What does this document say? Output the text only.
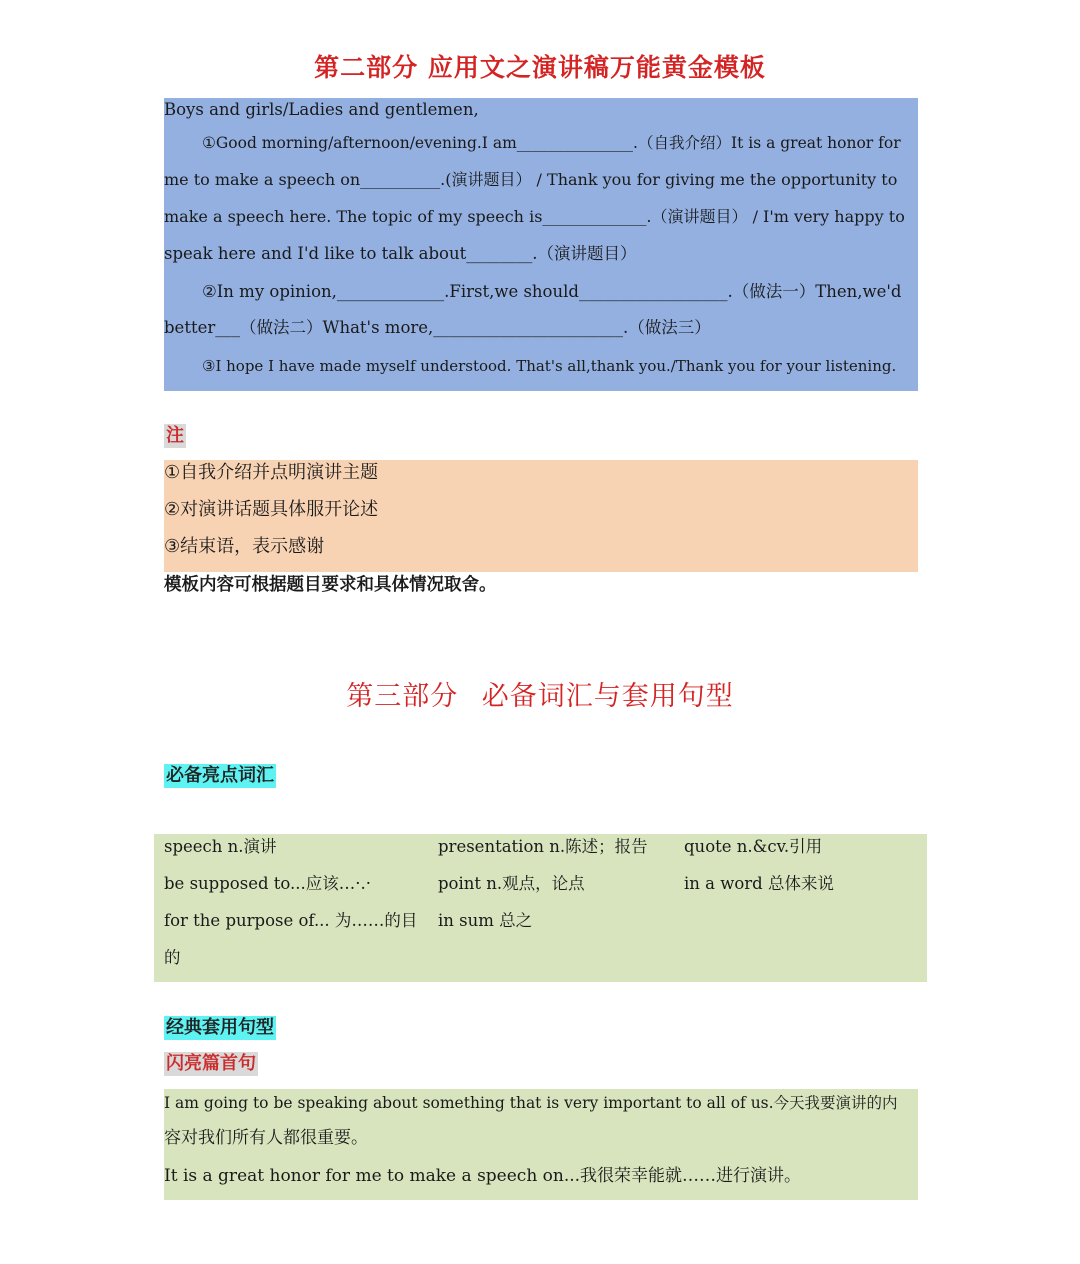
第二部分 应用文之演讲稿万能黄金模板
Boys and girls/Ladies and gentlemen,
①Good morning/afternoon/evening.I am_______________.（自我介绍）It is a great honor for
me to make a speech on__________.(演讲题目） / Thank you for giving me the opportunity to
make a speech here. The topic of my speech is_____________.（演讲题目） / I'm very happy to
speak here and I'd like to talk about________.（演讲题目）
②In my opinion,_____________.First,we should__________________.（做法一）Then,we'd
better___（做法二）What's more,_______________________.（做法三）
③I hope I have made myself understood. That's all,thank you./Thank you for your listening.
注
①自我介绍并点明演讲主题
②对演讲话题具体服开论述
③结束语，表示感谢
模板内容可根据题目要求和具体情况取舍。
第三部分 必备词汇与套用句型
必备亮点词汇
speech n.演讲
be supposed to...应该…·.·
for the purpose of... 为……的目
的
presentation n.陈述；报告
point n.观点，论点
in sum 总之
quote n.&cv.引用
in a word 总体来说
经典套用句型
闪亮篇首句
I am going to be speaking about something that is very important to all of us.今天我要演讲的内
容对我们所有人都很重要。
It is a great honor for me to make a speech on...我很荣幸能就……进行演讲。
